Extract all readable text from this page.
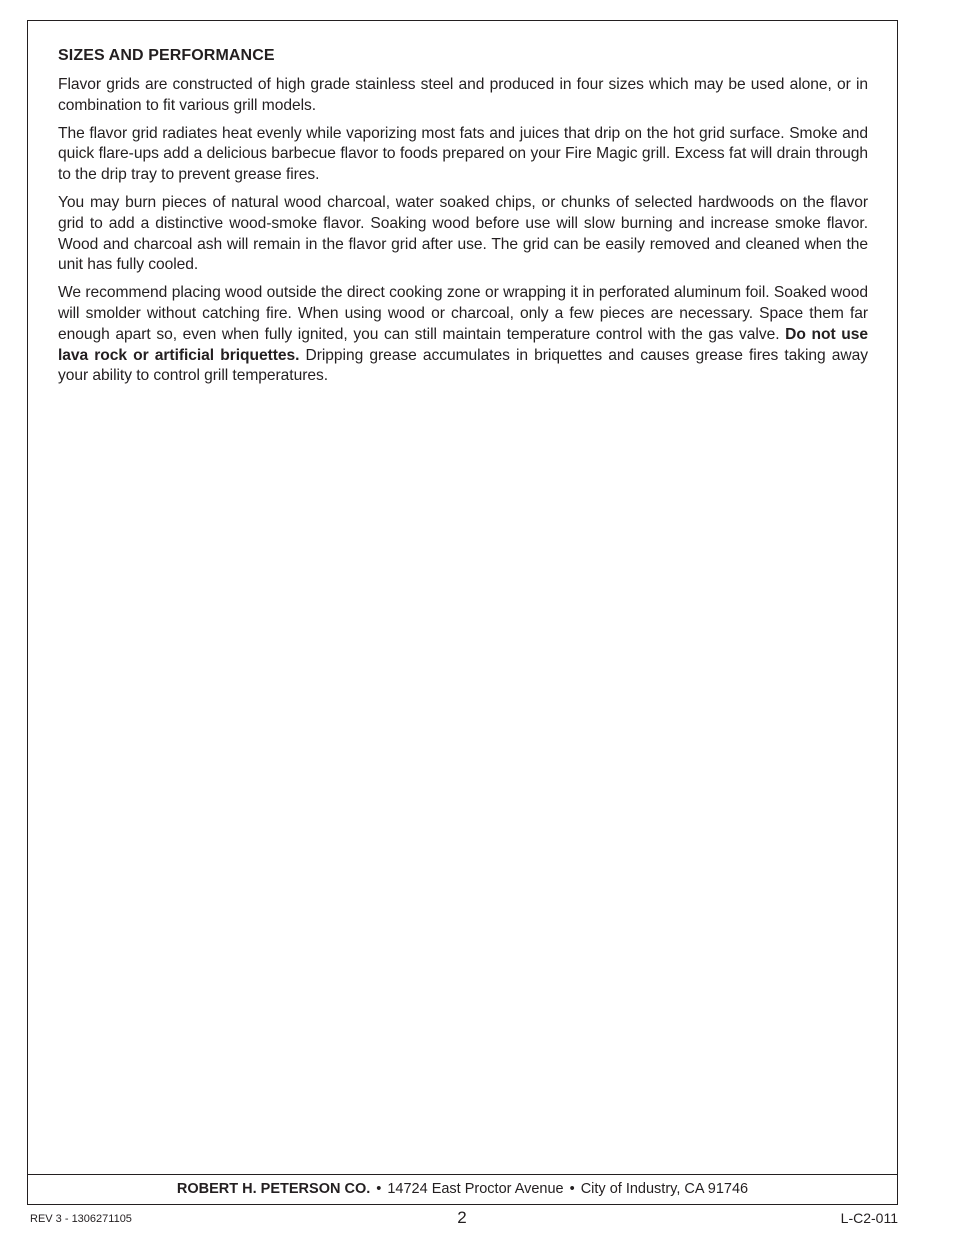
SIZES AND PERFORMANCE

Flavor grids are constructed of high grade stainless steel and produced in four sizes which may be used alone, or in combination to fit various grill models.

The flavor grid radiates heat evenly while vaporizing most fats and juices that drip on the hot grid surface. Smoke and quick flare-ups add a delicious barbecue flavor to foods prepared on your Fire Magic grill. Excess fat will drain through to the drip tray to prevent grease fires.

You may burn pieces of natural wood charcoal, water soaked chips, or chunks of selected hardwoods on the flavor grid to add a distinctive wood-smoke flavor. Soaking wood before use will slow burning and increase smoke flavor. Wood and charcoal ash will remain in the flavor grid after use. The grid can be easily removed and cleaned when the unit has fully cooled.

We recommend placing wood outside the direct cooking zone or wrapping it in perforated aluminum foil. Soaked wood will smolder without catching fire. When using wood or charcoal, only a few pieces are necessary. Space them far enough apart so, even when fully ignited, you can still maintain temperature control with the gas valve. Do not use lava rock or artificial briquettes. Dripping grease accumulates in briquettes and causes grease fires taking away your ability to control grill temperatures.

ROBERT H. PETERSON CO. • 14724 East Proctor Avenue • City of Industry, CA 91746
REV 3 - 1306271105	2	L-C2-011
